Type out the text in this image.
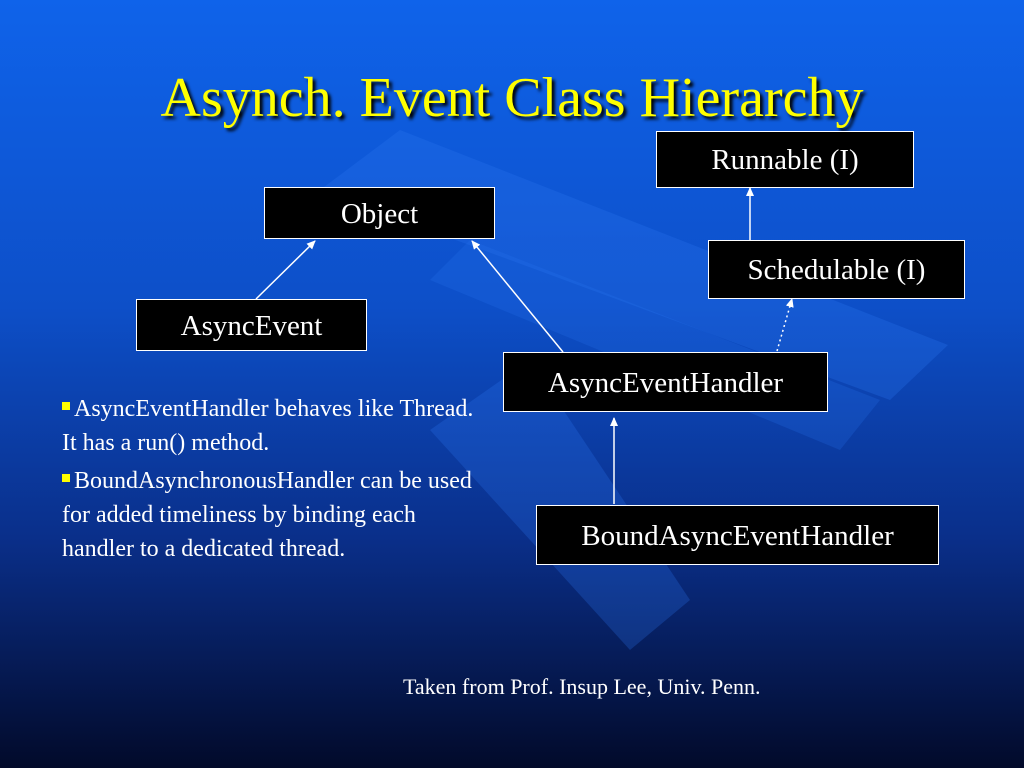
Asynch. Event Class Hierarchy
Object
Runnable (I)
Schedulable (I)
AsyncEvent
AsyncEventHandler
BoundAsyncEventHandler
AsyncEventHandler behaves like Thread. It has a run() method.
BoundAsynchronousHandler can be used for added timeliness by binding each handler to a dedicated thread.
Taken from Prof. Insup Lee, Univ. Penn.
